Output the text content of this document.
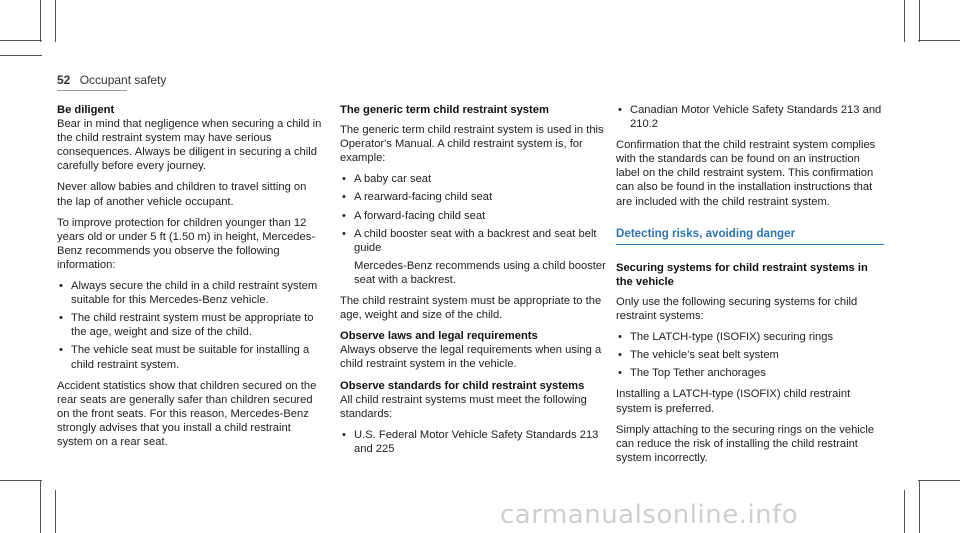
52 Occupant safety
Be diligent

Bear in mind that negligence when securing a child in the child restraint system may have serious consequences. Always be diligent in securing a child carefully before every journey.

Never allow babies and children to travel sitting on the lap of another vehicle occupant.

To improve protection for children younger than 12 years old or under 5 ft (1.50 m) in height, Mercedes-Benz recommends you observe the following information:

• Always secure the child in a child restraint system suitable for this Mercedes-Benz vehicle.
• The child restraint system must be appropriate to the age, weight and size of the child.
• The vehicle seat must be suitable for installing a child restraint system.

Accident statistics show that children secured on the rear seats are generally safer than children secured on the front seats. For this reason, Mercedes-Benz strongly advises that you install a child restraint system on a rear seat.

The generic term child restraint system

The generic term child restraint system is used in this Operator's Manual. A child restraint system is, for example:

• A baby car seat
• A rearward-facing child seat
• A forward-facing child seat
• A child booster seat with a backrest and seat belt guide
Mercedes-Benz recommends using a child booster seat with a backrest.

The child restraint system must be appropriate to the age, weight and size of the child.

Observe laws and legal requirements

Always observe the legal requirements when using a child restraint system in the vehicle.

Observe standards for child restraint systems

All child restraint systems must meet the following standards:

• U.S. Federal Motor Vehicle Safety Standards 213 and 225
• Canadian Motor Vehicle Safety Standards 213 and 210.2

Confirmation that the child restraint system complies with the standards can be found on an instruction label on the child restraint system. This confirmation can also be found in the installation instructions that are included with the child restraint system.

Detecting risks, avoiding danger
Securing systems for child restraint systems in the vehicle

Only use the following securing systems for child restraint systems:

• The LATCH-type (ISOFIX) securing rings
• The vehicle's seat belt system
• The Top Tether anchorages

Installing a LATCH-type (ISOFIX) child restraint system is preferred.

Simply attaching to the securing rings on the vehicle can reduce the risk of installing the child restraint system incorrectly.

carmanualsonline.info
